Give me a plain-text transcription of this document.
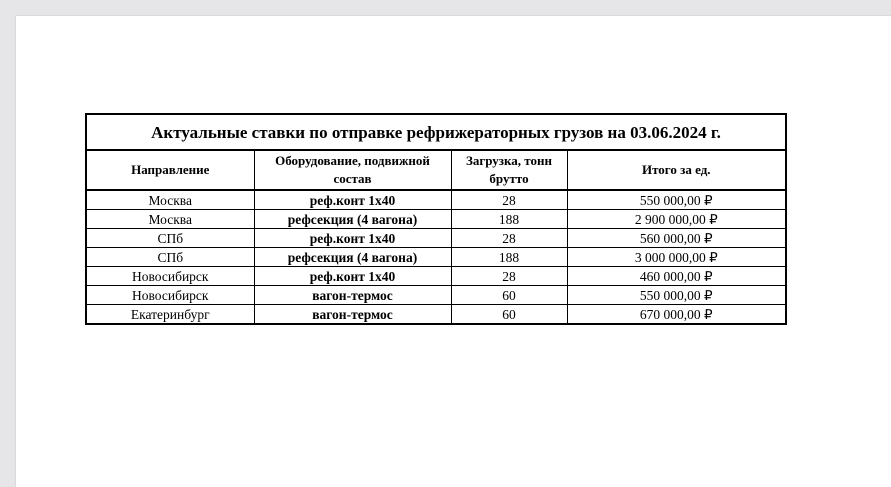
Актуальные ставки по отправке рефрижераторных грузов на 03.06.2024 г.			
Направление	Оборудование, подвижной состав	Загрузка, тонн брутто	Итого за ед.
Москва	реф.конт 1х40	28	550 000,00 ₽
Москва	рефсекция (4 вагона)	188	2 900 000,00 ₽
СПб	реф.конт 1х40	28	560 000,00 ₽
СПб	рефсекция (4 вагона)	188	3 000 000,00 ₽
Новосибирск	реф.конт 1х40	28	460 000,00 ₽
Новосибирск	вагон-термос	60	550 000,00 ₽
Екатеринбург	вагон-термос	60	670 000,00 ₽
